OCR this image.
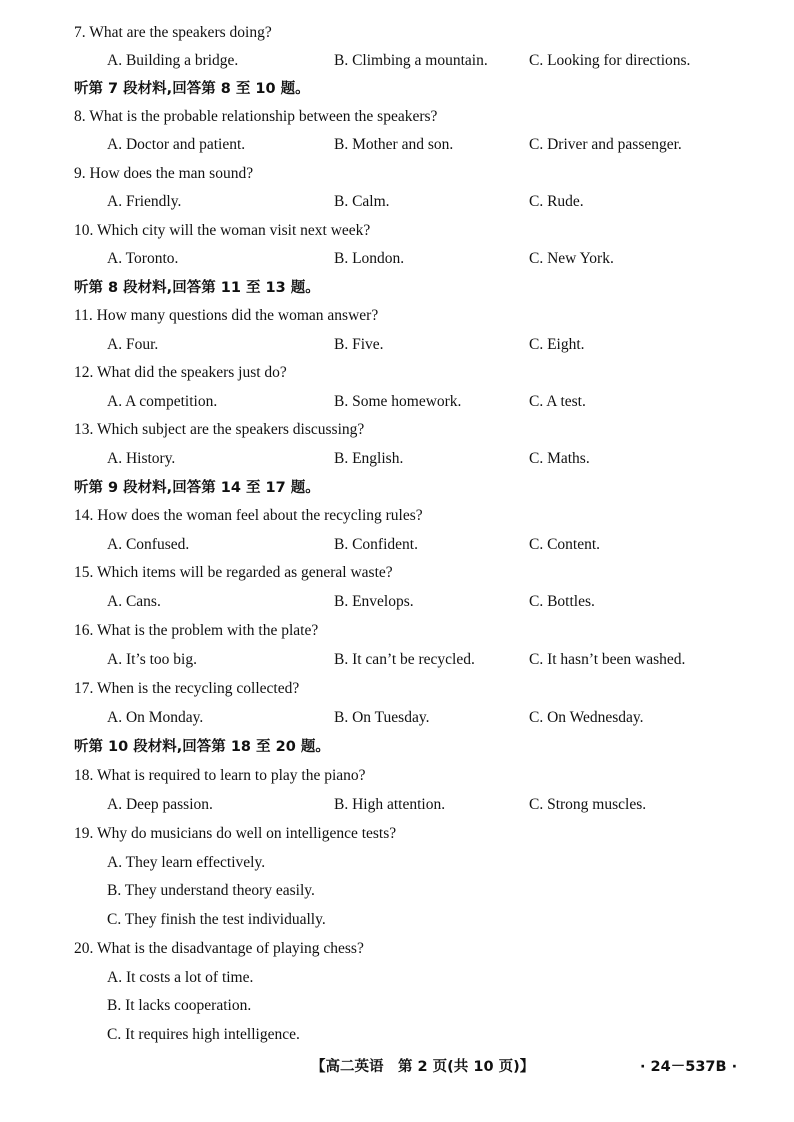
7. What are the speakers doing?
A. Building a bridge.	B. Climbing a mountain.	C. Looking for directions.
听第 7 段材料,回答第 8 至 10 题。
8. What is the probable relationship between the speakers?
A. Doctor and patient.	B. Mother and son.	C. Driver and passenger.
9. How does the man sound?
A. Friendly.	B. Calm.	C. Rude.
10. Which city will the woman visit next week?
A. Toronto.	B. London.	C. New York.
听第 8 段材料,回答第 11 至 13 题。
11. How many questions did the woman answer?
A. Four.	B. Five.	C. Eight.
12. What did the speakers just do?
A. A competition.	B. Some homework.	C. A test.
13. Which subject are the speakers discussing?
A. History.	B. English.	C. Maths.
听第 9 段材料,回答第 14 至 17 题。
14. How does the woman feel about the recycling rules?
A. Confused.	B. Confident.	C. Content.
15. Which items will be regarded as general waste?
A. Cans.	B. Envelops.	C. Bottles.
16. What is the problem with the plate?
A. It’s too big.	B. It can’t be recycled.	C. It hasn’t been washed.
17. When is the recycling collected?
A. On Monday.	B. On Tuesday.	C. On Wednesday.
听第 10 段材料,回答第 18 至 20 题。
18. What is required to learn to play the piano?
A. Deep passion.	B. High attention.	C. Strong muscles.
19. Why do musicians do well on intelligence tests?
A. They learn effectively.
B. They understand theory easily.
C. They finish the test individually.
20. What is the disadvantage of playing chess?
A. It costs a lot of time.
B. It lacks cooperation.
C. It requires high intelligence.
【高二英语　第 2 页(共 10 页)】	· 24－537B ·
